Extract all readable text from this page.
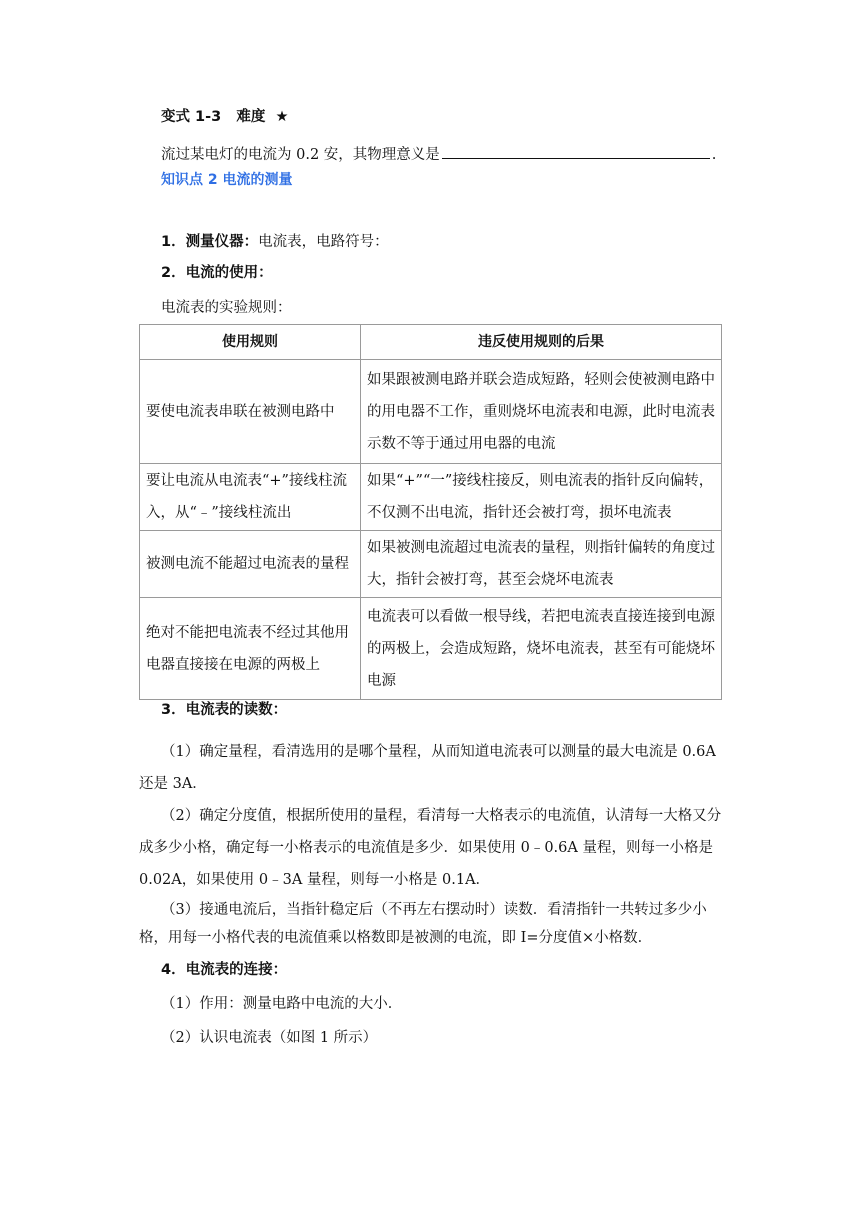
变式 1-3 难度 ★
流过某电灯的电流为 0.2 安，其物理意义是	.
知识点 2 电流的测量
1．测量仪器：电流表，电路符号：
2．电流的使用：
电流表的实验规则：
使用规则	违反使用规则的后果
要使电流表串联在被测电路中	如果跟被测电路并联会造成短路，轻则会使被测电路中的用电器不工作，重则烧坏电流表和电源，此时电流表示数不等于通过用电器的电流
要让电流从电流表“+”接线柱流入，从“﹣”接线柱流出	如果“+”“一”接线柱接反，则电流表的指针反向偏转，不仅测不出电流，指针还会被打弯，损坏电流表
被测电流不能超过电流表的量程	如果被测电流超过电流表的量程，则指针偏转的角度过大，指针会被打弯，甚至会烧坏电流表
绝对不能把电流表不经过其他用电器直接接在电源的两极上	电流表可以看做一根导线，若把电流表直接连接到电源的两极上，会造成短路，烧坏电流表，甚至有可能烧坏电源
3．电流表的读数：
（1）确定量程，看清选用的是哪个量程，从而知道电流表可以测量的最大电流是 0.6A 还是 3A．
（2）确定分度值，根据所使用的量程，看清每一大格表示的电流值，认清每一大格又分成多少小格，确定每一小格表示的电流值是多少．如果使用 0﹣0.6A 量程，则每一小格是 0.02A，如果使用 0﹣3A 量程，则每一小格是 0.1A．
（3）接通电流后，当指针稳定后（不再左右摆动时）读数．看清指针一共转过多少小格，用每一小格代表的电流值乘以格数即是被测的电流，即 I=分度值×小格数．
4．电流表的连接：
（1）作用：测量电路中电流的大小．
（2）认识电流表（如图 1 所示）
